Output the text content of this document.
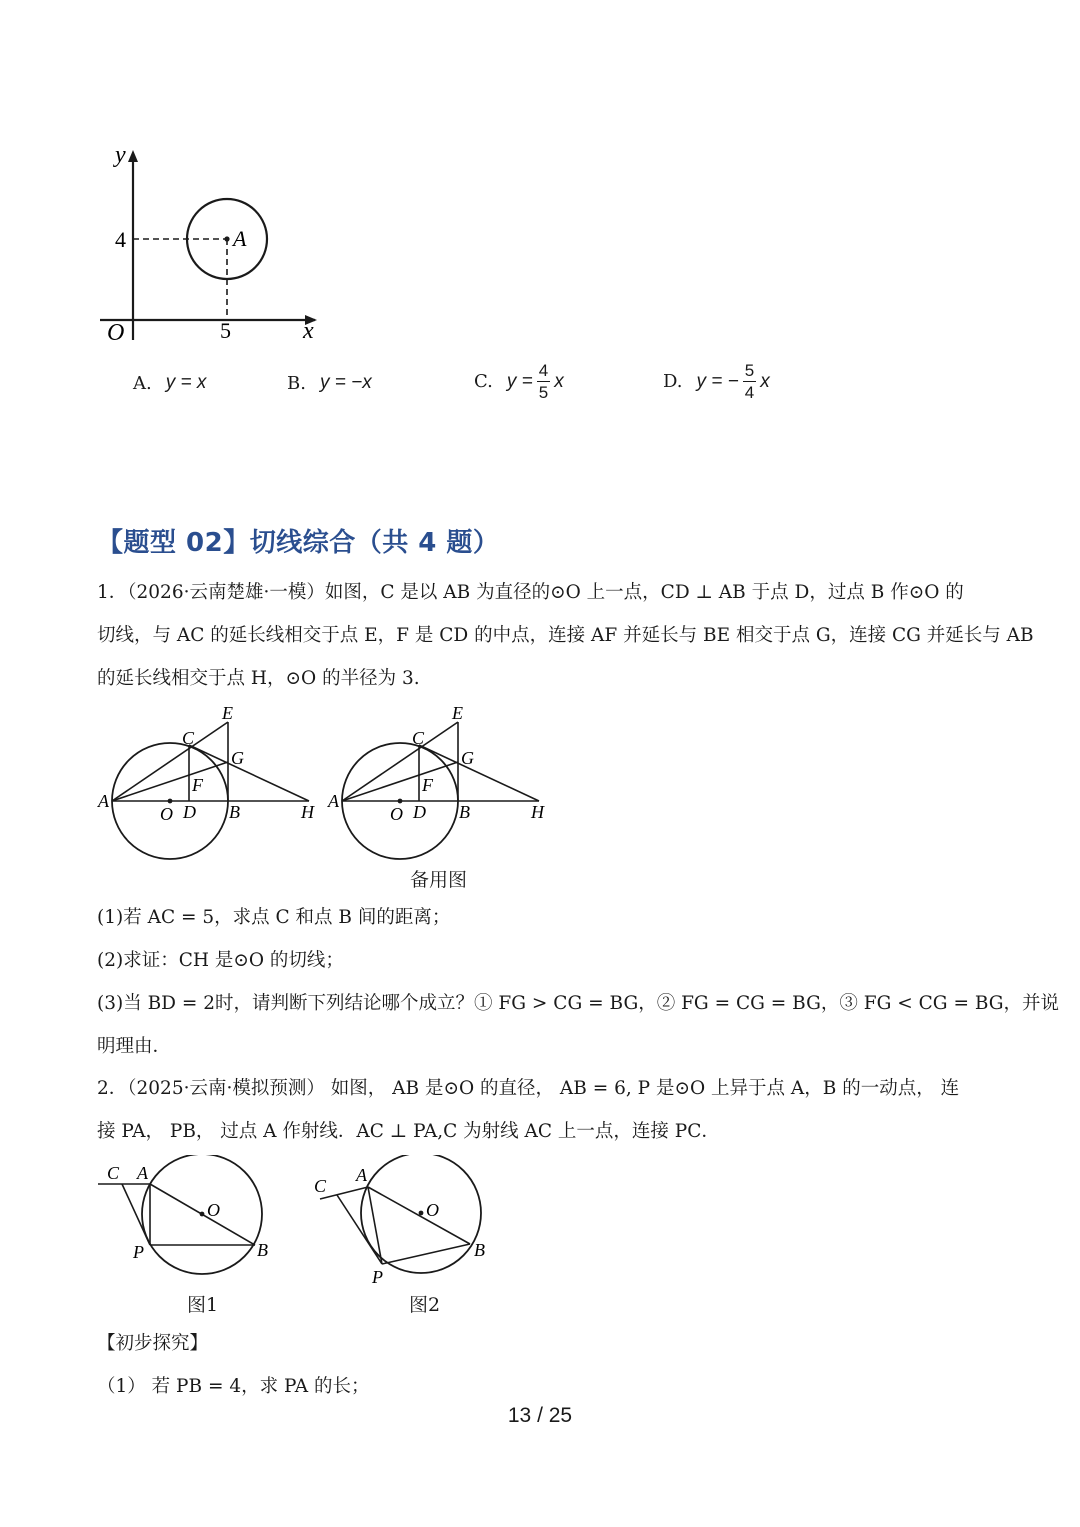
y
x
O
4
5
A
A. y = x	B. y = −x	C. $y = \frac{4}{5}$ x	D. y = − $\frac{5}{4}$ x
【题型 02】切线综合（共 4 题）
1．（2026·云南楚雄·一模）如图，C 是以 AB 为直径的⊙O 上一点，CD ⊥ AB 于点 D，过点 B 作⊙O 的
切线，与 AC 的延长线相交于点 E，F 是 CD 的中点，连接 AF 并延长与 BE 相交于点 G，连接 CG 并延长与 AB
的延长线相交于点 H，⊙O 的半径为 3.
A
B
C
D
E
F
G
H
O
A
B
C
D
E
F
G
H
O
备用图
(1)若 AC = 5，求点 C 和点 B 间的距离；
(2)求证：CH 是⊙O 的切线；
(3)当 BD = 2时，请判断下列结论哪个成立？① FG > CG = BG，② FG = CG = BG，③ FG < CG = BG，并说
明理由．
2．（2025·云南·模拟预测） 如图， AB 是⊙O 的直径， AB = 6, P 是⊙O 上异于点 A，B 的一动点， 连
接 PA， PB， 过点 A 作射线．AC ⊥ PA,C 为射线 AC 上一点，连接 PC．
C A
O
P	B
图1
C
A
O
P
B
图2
【初步探究】
（1） 若 PB = 4，求 PA 的长；
13 / 25
